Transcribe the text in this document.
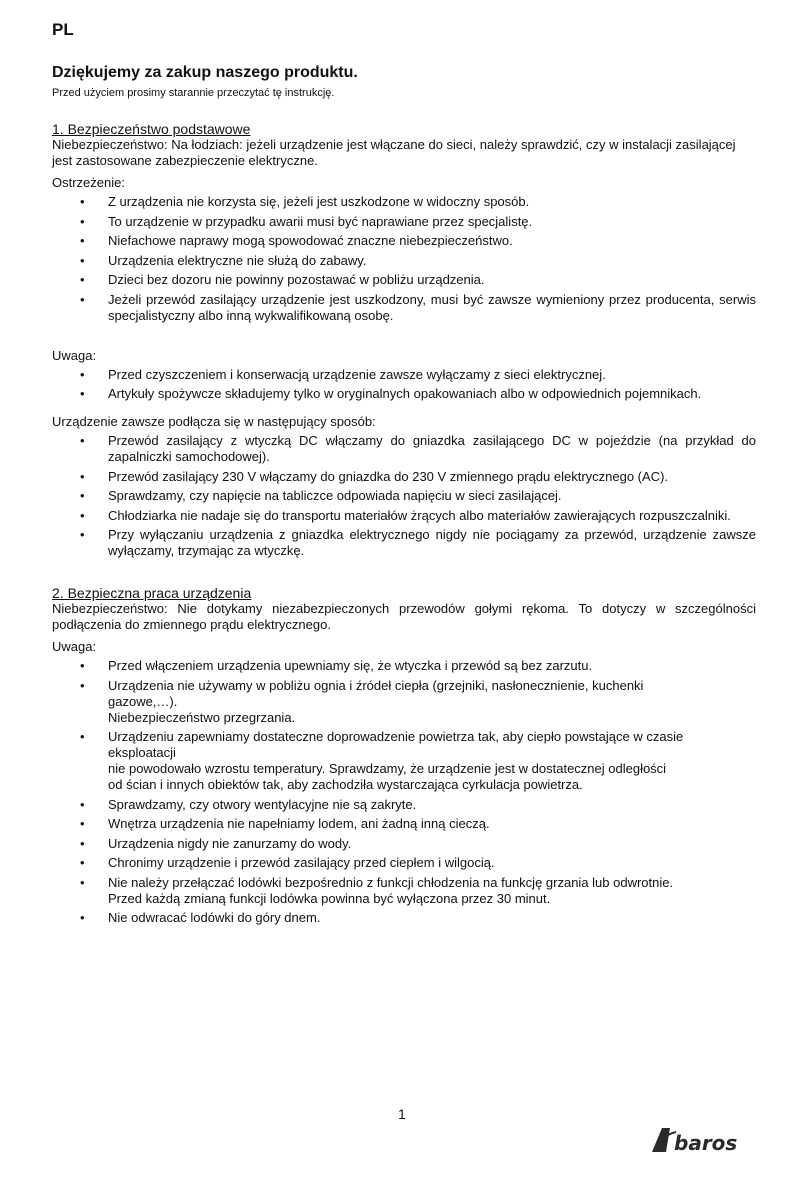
PL
Dziękujemy za zakup naszego produktu.
Przed użyciem prosimy starannie przeczytać tę instrukcję.
1. Bezpieczeństwo podstawowe
Niebezpieczeństwo: Na łodziach: jeżeli urządzenie jest włączane do sieci, należy sprawdzić, czy w instalacji zasilającej
jest zastosowane zabezpieczenie elektryczne.
Ostrzeżenie:
• Z urządzenia nie korzysta się, jeżeli jest uszkodzone w widoczny sposób.
• To urządzenie w przypadku awarii musi być naprawiane przez specjalistę.
• Niefachowe naprawy mogą spowodować znaczne niebezpieczeństwo.
• Urządzenia elektryczne nie służą do zabawy.
• Dzieci bez dozoru nie powinny pozostawać w pobliżu urządzenia.
• Jeżeli przewód zasilający urządzenie jest uszkodzony, musi być zawsze wymieniony przez producenta, serwis specjalistyczny albo inną wykwalifikowaną osobę.
Uwaga:
• Przed czyszczeniem i konserwacją urządzenie zawsze wyłączamy z sieci elektrycznej.
• Artykuły spożywcze składujemy tylko w oryginalnych opakowaniach albo w odpowiednich pojemnikach.
Urządzenie zawsze podłącza się w następujący sposób:
• Przewód zasilający z wtyczką DC włączamy do gniazdka zasilającego DC w pojeździe (na przykład do zapalniczki samochodowej).
• Przewód zasilający 230 V włączamy do gniazdka do 230 V zmiennego prądu elektrycznego (AC).
• Sprawdzamy, czy napięcie na tabliczce odpowiada napięciu w sieci zasilającej.
• Chłodziarka nie nadaje się do transportu materiałów żrących albo materiałów zawierających rozpuszczalniki.
• Przy wyłączaniu urządzenia z gniazdka elektrycznego nigdy nie pociągamy za przewód, urządzenie zawsze wyłączamy, trzymając za wtyczkę.
2. Bezpieczna praca urządzenia
Niebezpieczeństwo: Nie dotykamy niezabezpieczonych przewodów gołymi rękoma. To dotyczy w szczególności podłączenia do zmiennego prądu elektrycznego.
Uwaga:
• Przed włączeniem urządzenia upewniamy się, że wtyczka i przewód są bez zarzutu.
• Urządzenia nie używamy w pobliżu ognia i źródeł ciepła (grzejniki, nasłonecznienie, kuchenki
gazowe,…).
Niebezpieczeństwo przegrzania.
• Urządzeniu zapewniamy dostateczne doprowadzenie powietrza tak, aby ciepło powstające w czasie
eksploatacji
nie powodowało wzrostu temperatury. Sprawdzamy, że urządzenie jest w dostatecznej odległości
od ścian i innych obiektów tak, aby zachodziła wystarczająca cyrkulacja powietrza.
• Sprawdzamy, czy otwory wentylacyjne nie są zakryte.
• Wnętrza urządzenia nie napełniamy lodem, ani żadną inną cieczą.
• Urządzenia nigdy nie zanurzamy do wody.
• Chronimy urządzenie i przewód zasilający przed ciepłem i wilgocią.
• Nie należy przełączać lodówki bezpośrednio z funkcji chłodzenia na funkcję grzania lub odwrotnie.
Przed każdą zmianą funkcji lodówka powinna być wyłączona przez 30 minut.
• Nie odwracać lodówki do góry dnem.
1
baros
